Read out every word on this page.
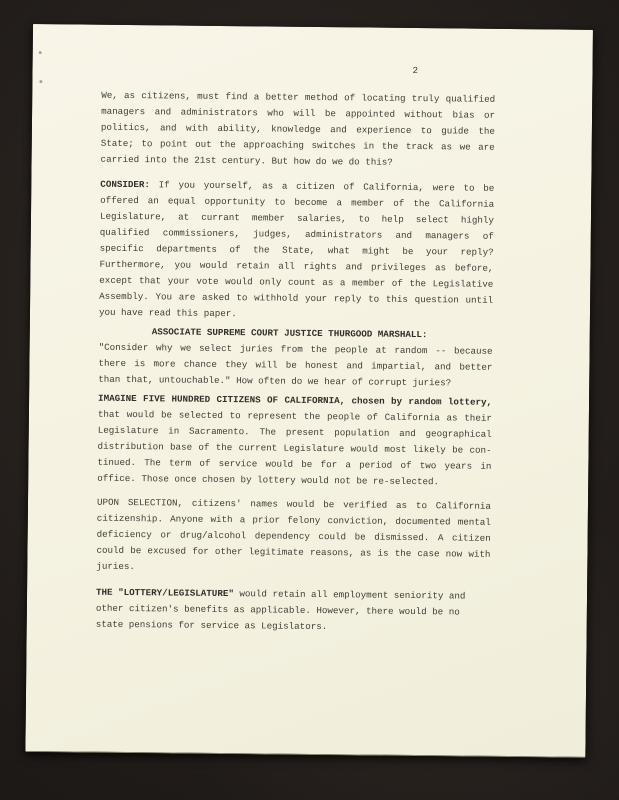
2
We, as citizens, must find a better method of locating truly qualified
managers and administrators who will be appointed without bias or
politics, and with ability, knowledge and experience to guide the
State; to point out the approaching switches in the track as we are
carried into the 21st century. But how do we do this?
CONSIDER: If you yourself, as a citizen of California, were to be
offered an equal opportunity to become a member of the California
Legislature, at currant member salaries, to help select highly
qualified commissioners, judges, administrators and managers of
specific departments of the State, what might be your reply?
Furthermore, you would retain all rights and privileges as before,
except that your vote would only count as a member of the Legislative
Assembly. You are asked to withhold your reply to this question until
you have read this paper.
ASSOCIATE SUPREME COURT JUSTICE THURGOOD MARSHALL:
"Consider why we select juries from the people at random -- because
there is more chance they will be honest and impartial, and better
than that, untouchable." How often do we hear of corrupt juries?
IMAGINE FIVE HUNDRED CITIZENS OF CALIFORNIA, chosen by random lottery,
that would be selected to represent the people of California as their
Legislature in Sacramento. The present population and geographical
distribution base of the current Legislature would most likely be con-
tinued. The term of service would be for a period of two years in
office. Those once chosen by lottery would not be re-selected.
UPON SELECTION, citizens' names would be verified as to California
citizenship. Anyone with a prior felony conviction, documented mental
deficiency or drug/alcohol dependency could be dismissed. A citizen
could be excused for other legitimate reasons, as is the case now with
juries.
THE "LOTTERY/LEGISLATURE" would retain all employment seniority and
other citizen's benefits as applicable. However, there would be no
state pensions for service as Legislators.
